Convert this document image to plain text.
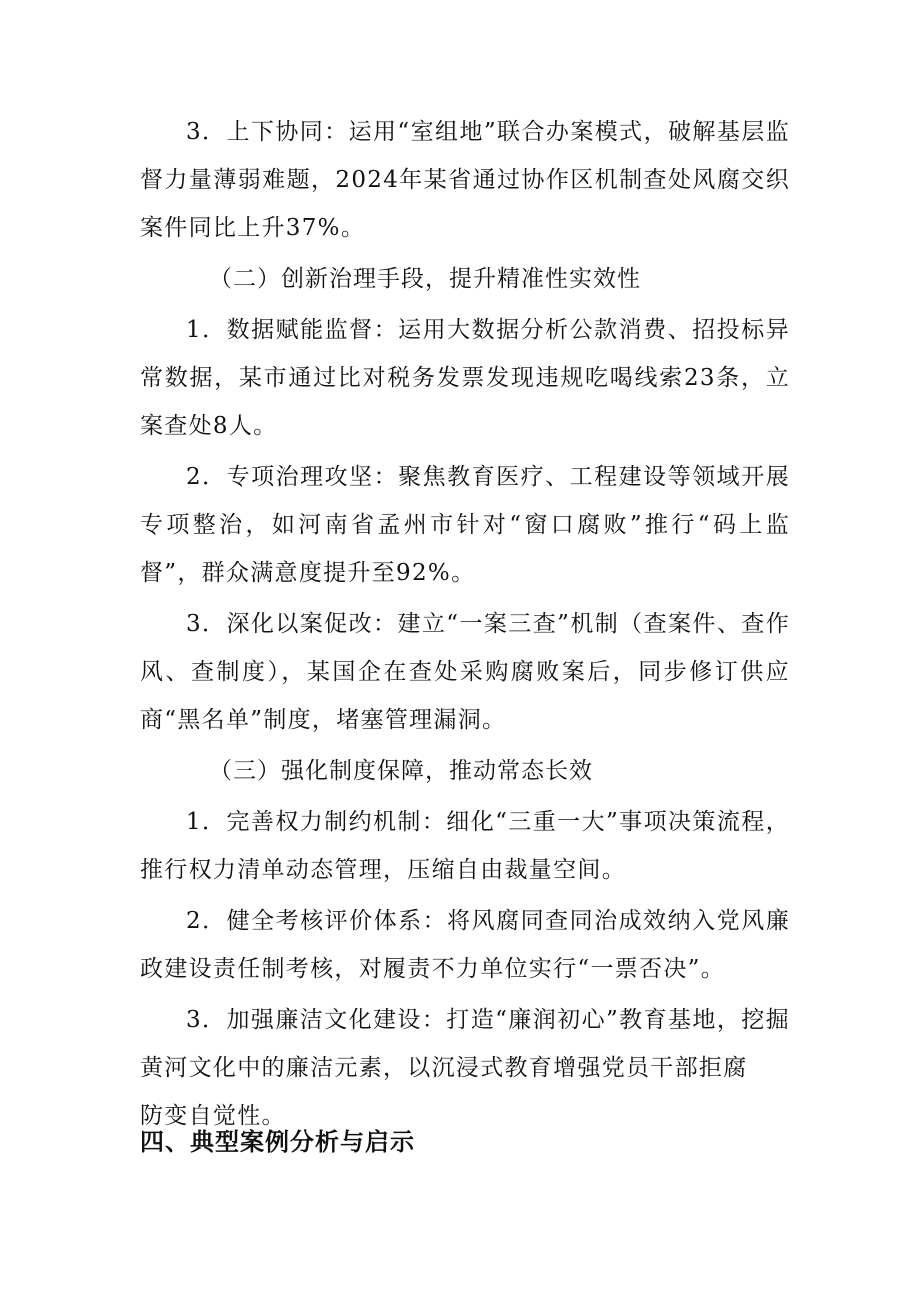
3．上下协同：运用“室组地”联合办案模式，破解基层监督力量薄弱难题，2024年某省通过协作区机制查处风腐交织案件同比上升37%。

（二）创新治理手段，提升精准性实效性

1．数据赋能监督：运用大数据分析公款消费、招投标异常数据，某市通过比对税务发票发现违规吃喝线索23条，立案查处8人。

2．专项治理攻坚：聚焦教育医疗、工程建设等领域开展专项整治，如河南省孟州市针对“窗口腐败”推行“码上监督”，群众满意度提升至92%。

3．深化以案促改：建立“一案三查”机制（查案件、查作风、查制度），某国企在查处采购腐败案后，同步修订供应商“黑名单”制度，堵塞管理漏洞。

（三）强化制度保障，推动常态长效

1．完善权力制约机制：细化“三重一大”事项决策流程，推行权力清单动态管理，压缩自由裁量空间。

2．健全考核评价体系：将风腐同查同治成效纳入党风廉政建设责任制考核，对履责不力单位实行“一票否决”。

3．加强廉洁文化建设：打造“廉润初心”教育基地，挖掘黄河文化中的廉洁元素，以沉浸式教育增强党员干部拒腐
防变自觉性。

四、典型案例分析与启示
